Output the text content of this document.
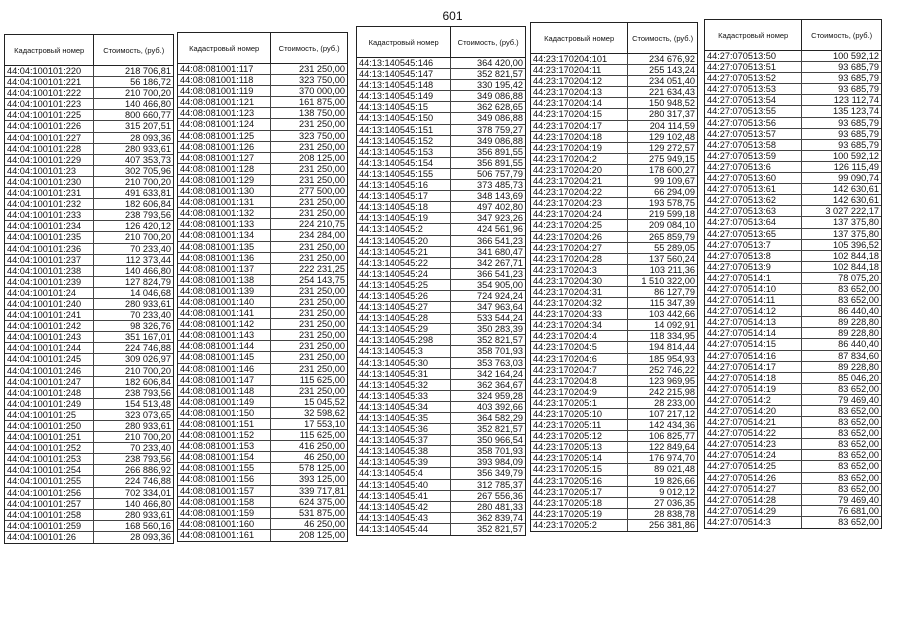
601
Кадастровый номер	Стоимость, (руб.)
44:04:100101:220	218 706,81
44:04:100101:221	56 186,72
44:04:100101:222	210 700,20
44:04:100101:223	140 466,80
44:04:100101:225	800 660,77
44:04:100101:226	315 207,51
44:04:100101:227	28 093,36
44:04:100101:228	280 933,61
44:04:100101:229	407 353,73
44:04:100101:23	302 705,96
44:04:100101:230	210 700,20
44:04:100101:231	491 633,81
44:04:100101:232	182 606,84
44:04:100101:233	238 793,56
44:04:100101:234	126 420,12
44:04:100101:235	210 700,20
44:04:100101:236	70 233,40
44:04:100101:237	112 373,44
44:04:100101:238	140 466,80
44:04:100101:239	127 824,79
44:04:100101:24	14 046,68
44:04:100101:240	280 933,61
44:04:100101:241	70 233,40
44:04:100101:242	98 326,76
44:04:100101:243	351 167,01
44:04:100101:244	224 746,88
44:04:100101:245	309 026,97
44:04:100101:246	210 700,20
44:04:100101:247	182 606,84
44:04:100101:248	238 793,56
44:04:100101:249	154 513,48
44:04:100101:25	323 073,65
44:04:100101:250	280 933,61
44:04:100101:251	210 700,20
44:04:100101:252	70 233,40
44:04:100101:253	238 793,56
44:04:100101:254	266 886,92
44:04:100101:255	224 746,88
44:04:100101:256	702 334,01
44:04:100101:257	140 466,80
44:04:100101:258	280 933,61
44:04:100101:259	168 560,16
44:04:100101:26	28 093,36
Кадастровый номер	Стоимость, (руб.)
44:08:081001:117	231 250,00
44:08:081001:118	323 750,00
44:08:081001:119	370 000,00
44:08:081001:121	161 875,00
44:08:081001:123	138 750,00
44:08:081001:124	231 250,00
44:08:081001:125	323 750,00
44:08:081001:126	231 250,00
44:08:081001:127	208 125,00
44:08:081001:128	231 250,00
44:08:081001:129	231 250,00
44:08:081001:130	277 500,00
44:08:081001:131	231 250,00
44:08:081001:132	231 250,00
44:08:081001:133	224 210,75
44:08:081001:134	234 284,00
44:08:081001:135	231 250,00
44:08:081001:136	231 250,00
44:08:081001:137	222 231,25
44:08:081001:138	254 143,75
44:08:081001:139	231 250,00
44:08:081001:140	231 250,00
44:08:081001:141	231 250,00
44:08:081001:142	231 250,00
44:08:081001:143	231 250,00
44:08:081001:144	231 250,00
44:08:081001:145	231 250,00
44:08:081001:146	231 250,00
44:08:081001:147	115 625,00
44:08:081001:148	231 250,00
44:08:081001:149	15 045,52
44:08:081001:150	32 598,62
44:08:081001:151	17 553,10
44:08:081001:152	115 625,00
44:08:081001:153	416 250,00
44:08:081001:154	46 250,00
44:08:081001:155	578 125,00
44:08:081001:156	393 125,00
44:08:081001:157	339 717,81
44:08:081001:158	624 375,00
44:08:081001:159	531 875,00
44:08:081001:160	46 250,00
44:08:081001:161	208 125,00
Кадастровый номер	Стоимость, (руб.)
44:13:140545:146	364 420,00
44:13:140545:147	352 821,57
44:13:140545:148	330 195,42
44:13:140545:149	349 086,88
44:13:140545:15	362 628,65
44:13:140545:150	349 086,88
44:13:140545:151	378 759,27
44:13:140545:152	349 086,88
44:13:140545:153	356 891,55
44:13:140545:154	356 891,55
44:13:140545:155	506 757,79
44:13:140545:16	373 485,73
44:13:140545:17	348 143,69
44:13:140545:18	497 402,80
44:13:140545:19	347 923,26
44:13:140545:2	424 561,96
44:13:140545:20	366 541,23
44:13:140545:21	341 680,47
44:13:140545:22	342 267,71
44:13:140545:24	366 541,23
44:13:140545:25	354 905,00
44:13:140545:26	724 924,24
44:13:140545:27	347 963,64
44:13:140545:28	533 544,24
44:13:140545:29	350 283,39
44:13:140545:298	352 821,57
44:13:140545:3	358 701,93
44:13:140545:30	353 763,03
44:13:140545:31	342 164,24
44:13:140545:32	362 364,67
44:13:140545:33	324 959,28
44:13:140545:34	403 392,66
44:13:140545:35	364 582,29
44:13:140545:36	352 821,57
44:13:140545:37	350 966,54
44:13:140545:38	358 701,93
44:13:140545:39	393 984,09
44:13:140545:4	356 349,79
44:13:140545:40	312 785,37
44:13:140545:41	267 556,36
44:13:140545:42	280 481,33
44:13:140545:43	362 839,74
44:13:140545:44	352 821,57
Кадастровый номер	Стоимость, (руб.)
44:23:170204:101	234 676,92
44:23:170204:11	255 143,24
44:23:170204:12	234 051,40
44:23:170204:13	221 634,43
44:23:170204:14	150 948,52
44:23:170204:15	280 317,37
44:23:170204:17	204 114,59
44:23:170204:18	129 102,48
44:23:170204:19	129 272,57
44:23:170204:2	275 949,15
44:23:170204:20	178 600,27
44:23:170204:21	99 109,67
44:23:170204:22	66 294,09
44:23:170204:23	193 578,75
44:23:170204:24	219 599,18
44:23:170204:25	209 084,10
44:23:170204:26	265 859,79
44:23:170204:27	55 289,05
44:23:170204:28	137 560,24
44:23:170204:3	103 211,36
44:23:170204:30	1 510 322,00
44:23:170204:31	86 127,79
44:23:170204:32	115 347,39
44:23:170204:33	103 442,66
44:23:170204:34	14 092,91
44:23:170204:4	118 334,95
44:23:170204:5	194 814,44
44:23:170204:6	185 954,93
44:23:170204:7	252 746,22
44:23:170204:8	123 969,95
44:23:170204:9	242 215,98
44:23:170205:1	28 233,00
44:23:170205:10	107 217,12
44:23:170205:11	142 434,36
44:23:170205:12	106 825,77
44:23:170205:13	122 849,64
44:23:170205:14	176 974,70
44:23:170205:15	89 021,48
44:23:170205:16	19 826,66
44:23:170205:17	9 012,12
44:23:170205:18	27 036,35
44:23:170205:19	28 838,78
44:23:170205:2	256 381,86
Кадастровый номер	Стоимость, (руб.)
44:27:070513:50	100 592,12
44:27:070513:51	93 685,79
44:27:070513:52	93 685,79
44:27:070513:53	93 685,79
44:27:070513:54	123 112,74
44:27:070513:55	135 123,74
44:27:070513:56	93 685,79
44:27:070513:57	93 685,79
44:27:070513:58	93 685,79
44:27:070513:59	100 592,12
44:27:070513:6	126 115,49
44:27:070513:60	99 090,74
44:27:070513:61	142 630,61
44:27:070513:62	142 630,61
44:27:070513:63	3 027 222,17
44:27:070513:64	137 375,80
44:27:070513:65	137 375,80
44:27:070513:7	105 396,52
44:27:070513:8	102 844,18
44:27:070513:9	102 844,18
44:27:070514:1	78 075,20
44:27:070514:10	83 652,00
44:27:070514:11	83 652,00
44:27:070514:12	86 440,40
44:27:070514:13	89 228,80
44:27:070514:14	89 228,80
44:27:070514:15	86 440,40
44:27:070514:16	87 834,60
44:27:070514:17	89 228,80
44:27:070514:18	85 046,20
44:27:070514:19	83 652,00
44:27:070514:2	79 469,40
44:27:070514:20	83 652,00
44:27:070514:21	83 652,00
44:27:070514:22	83 652,00
44:27:070514:23	83 652,00
44:27:070514:24	83 652,00
44:27:070514:25	83 652,00
44:27:070514:26	83 652,00
44:27:070514:27	83 652,00
44:27:070514:28	79 469,40
44:27:070514:29	76 681,00
44:27:070514:3	83 652,00
